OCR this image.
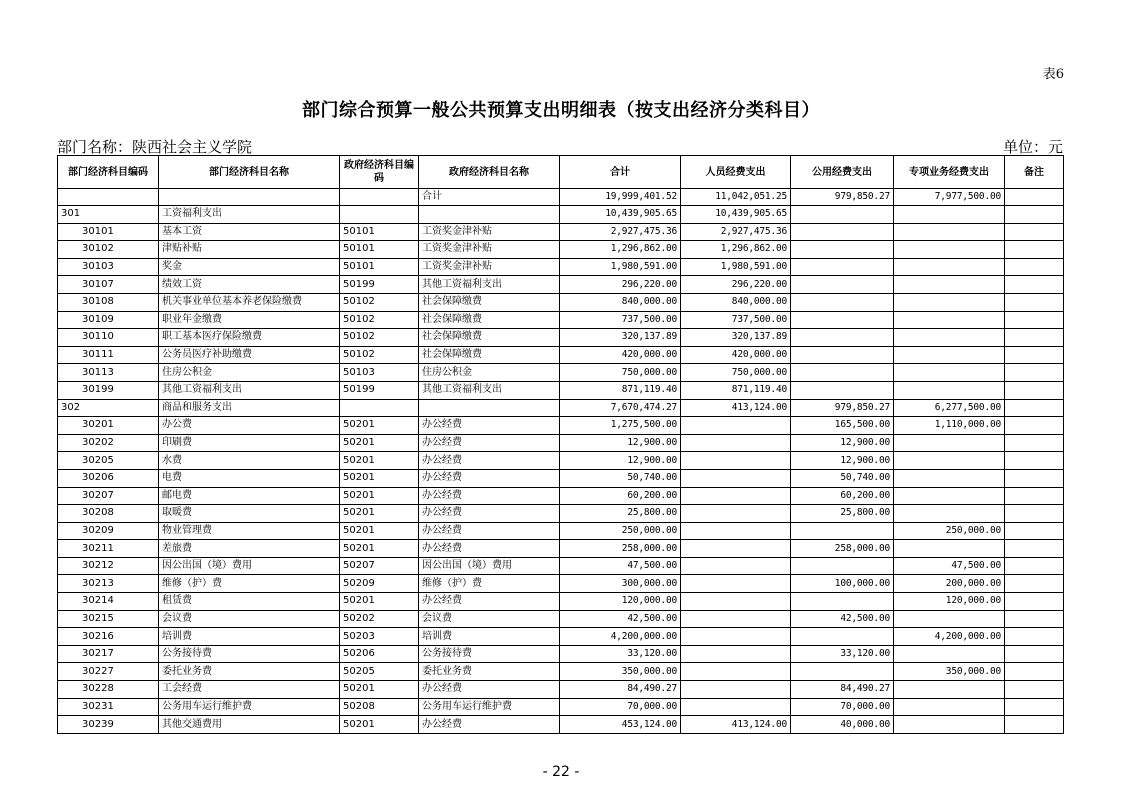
表6
部门综合预算一般公共预算支出明细表（按支出经济分类科目）
部门名称：陕西社会主义学院	单位：元
部门经济科目编码	部门经济科目名称	政府经济科目编码	政府经济科目名称	合计	人员经费支出	公用经费支出	专项业务经费支出	备注
			合计	19,999,401.52	11,042,051.25	979,850.27	7,977,500.00	
301	工资福利支出			10,439,905.65	10,439,905.65			
30101	基本工资	50101	工资奖金津补贴	2,927,475.36	2,927,475.36			
30102	津贴补贴	50101	工资奖金津补贴	1,296,862.00	1,296,862.00			
30103	奖金	50101	工资奖金津补贴	1,980,591.00	1,980,591.00			
30107	绩效工资	50199	其他工资福利支出	296,220.00	296,220.00			
30108	机关事业单位基本养老保险缴费	50102	社会保障缴费	840,000.00	840,000.00			
30109	职业年金缴费	50102	社会保障缴费	737,500.00	737,500.00			
30110	职工基本医疗保险缴费	50102	社会保障缴费	320,137.89	320,137.89			
30111	公务员医疗补助缴费	50102	社会保障缴费	420,000.00	420,000.00			
30113	住房公积金	50103	住房公积金	750,000.00	750,000.00			
30199	其他工资福利支出	50199	其他工资福利支出	871,119.40	871,119.40			
302	商品和服务支出			7,670,474.27	413,124.00	979,850.27	6,277,500.00	
30201	办公费	50201	办公经费	1,275,500.00		165,500.00	1,110,000.00	
30202	印刷费	50201	办公经费	12,900.00		12,900.00		
30205	水费	50201	办公经费	12,900.00		12,900.00		
30206	电费	50201	办公经费	50,740.00		50,740.00		
30207	邮电费	50201	办公经费	60,200.00		60,200.00		
30208	取暖费	50201	办公经费	25,800.00		25,800.00		
30209	物业管理费	50201	办公经费	250,000.00			250,000.00	
30211	差旅费	50201	办公经费	258,000.00		258,000.00		
30212	因公出国（境）费用	50207	因公出国（境）费用	47,500.00			47,500.00	
30213	维修（护）费	50209	维修（护）费	300,000.00		100,000.00	200,000.00	
30214	租赁费	50201	办公经费	120,000.00			120,000.00	
30215	会议费	50202	会议费	42,500.00		42,500.00		
30216	培训费	50203	培训费	4,200,000.00			4,200,000.00	
30217	公务接待费	50206	公务接待费	33,120.00		33,120.00		
30227	委托业务费	50205	委托业务费	350,000.00			350,000.00	
30228	工会经费	50201	办公经费	84,490.27		84,490.27		
30231	公务用车运行维护费	50208	公务用车运行维护费	70,000.00		70,000.00		
30239	其他交通费用	50201	办公经费	453,124.00	413,124.00	40,000.00		
- 22 -
